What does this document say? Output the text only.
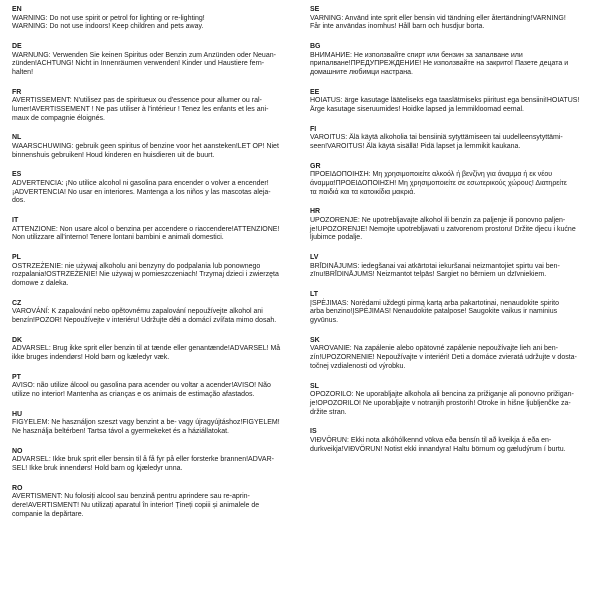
EN

WARNING: Do not use spirit or petrol for lighting or re-lighting!
WARNING: Do not use indoors! Keep children and pets away.

DE

WARNUNG: Verwenden Sie keinen Spiritus oder Benzin zum Anzünden oder Neuan-
zünden!ACHTUNG! Nicht in Innenräumen verwenden! Kinder und Haustiere fern-
halten!

FR

AVERTISSEMENT: N'utilisez pas de spiritueux ou d'essence pour allumer ou ral-
lumer!AVERTISSEMENT ! Ne pas utiliser à l'intérieur ! Tenez les enfants et les ani-
maux de compagnie éloignés.

NL

WAARSCHUWING: gebruik geen spiritus of benzine voor het aansteken!LET OP! Niet
binnenshuis gebruiken! Houd kinderen en huisdieren uit de buurt.

ES

ADVERTENCIA: ¡No utilice alcohol ni gasolina para encender o volver a encender!
¡ADVERTENCIA! No usar en interiores. Mantenga a los niños y las mascotas aleja-
dos.

IT

ATTENZIONE: Non usare alcol o benzina per accendere o riaccendere!ATTENZIONE!
Non utilizzare all'interno! Tenere lontani bambini e animali domestici.

PL

OSTRZEŻENIE: nie używaj alkoholu ani benzyny do podpalania lub ponownego
rozpalania!OSTRZEŻENIE! Nie używaj w pomieszczeniach! Trzymaj dzieci i zwierzęta
domowe z daleka.

CZ

VAROVÁNÍ: K zapalování nebo opětovnému zapalování nepoužívejte alkohol ani
benzín!POZOR! Nepoužívejte v interiéru! Udržujte děti a domácí zvířata mimo dosah.

DK

ADVARSEL: Brug ikke sprit eller benzin til at tænde eller genantænde!ADVARSEL! Må
ikke bruges indendørs! Hold børn og kæledyr væk.

PT

AVISO: não utilize álcool ou gasolina para acender ou voltar a acender!AVISO! Não
utilize no interior! Mantenha as crianças e os animais de estimação afastados.

HU

FIGYELEM: Ne használjon szeszt vagy benzint a be- vagy újragyújtáshoz!FIGYELEM!
Ne használja beltérben! Tartsa távol a gyermekeket és a háziállatokat.

NO

ADVARSEL: Ikke bruk sprit eller bensin til å få fyr på eller forsterke brannen!ADVAR-
SEL! Ikke bruk innendørs! Hold barn og kjæledyr unna.

RO

AVERTISMENT: Nu folosiți alcool sau benzină pentru aprindere sau re-aprin-
dere!AVERTISMENT! Nu utilizați aparatul în interior! Țineți copiii și animalele de
companie la depărtare.

SE

VARNING: Använd inte sprit eller bensin vid tändning eller återtändning!VARNING!
Får inte användas inomhus! Håll barn och husdjur borta.

BG

ВНИМАНИЕ: Не използвайте спирт или бензин за запалване или
припалване!ПРЕДУПРЕЖДЕНИЕ! Не използвайте на закрито! Пазете децата и
домашните любимци настрана.

EE

HOIATUS: ärge kasutage lääteliseks ega taaslätmiseks piiritust ega bensiini!HOIATUS!
Ärge kasutage siseruumides! Hoidke lapsed ja lemmikloomad eemal.

FI

VAROITUS: Älä käytä alkoholia tai bensiiniä sytyttämiseen tai uudelleensytyttämi-
seen!VAROITUS! Älä käytä sisällä! Pidä lapset ja lemmikit kaukana.

GR

ΠΡΟΕΙΔΟΠΟΙΗΣΗ: Μη χρησιμοποιείτε αλκοόλ ή βενζίνη για άναμμα ή εκ νέου
άναμμα!ΠΡΟΕΙΔΟΠΟΙΗΣΗ! Μη χρησιμοποιείτε σε εσωτερικούς χώρους! Διατηρείτε
τα παιδιά και τα κατοικίδια μακριά.

HR

UPOZORENJE: Ne upotrebljavajte alkohol ili benzin za paljenje ili ponovno paljen-
je!UPOZORENJE! Nemojte upotrebljavati u zatvorenom prostoru! Držite djecu i kućne
ljubimce podalje.

LV

BRĪDINĀJUMS: iedegšanai vai atkārtotai iekuršanai neizmantojiet spirtu vai ben-
zīnu!BRĪDINĀJUMS! Neizmantot telpās! Sargiet no bērniem un dzīvniekiem.

LT

ĮSPĖJIMAS: Norėdami uždegti pirmą kartą arba pakartotinai, nenaudokite spirito
arba benzino!ĮSPĖJIMAS! Nenaudokite patalpose! Saugokite vaikus ir naminius
gyvūnus.

SK

VAROVANIE: Na zapálenie alebo opätovné zapálenie nepoužívajte lieh ani ben-
zín!UPOZORNENIE! Nepoužívajte v interiéri! Deti a domáce zvieratá udržujte v dosta-
točnej vzdialenosti od výrobku.

SL

OPOZORILO: Ne uporabljajte alkohola ali bencina za prižiganje ali ponovno prižigan-
je!OPOZORILO! Ne uporabljajte v notranjih prostorih! Otroke in hišne ljubljenčke za-
držite stran.

IS

VIÐVÖRUN: Ekki nota alkóhólkennd vökva eða bensín til að kveikja á eða en-
durkveikja!VIÐVÖRUN! Notist ekki innandyra! Haltu börnum og gæludýrum í burtu.
